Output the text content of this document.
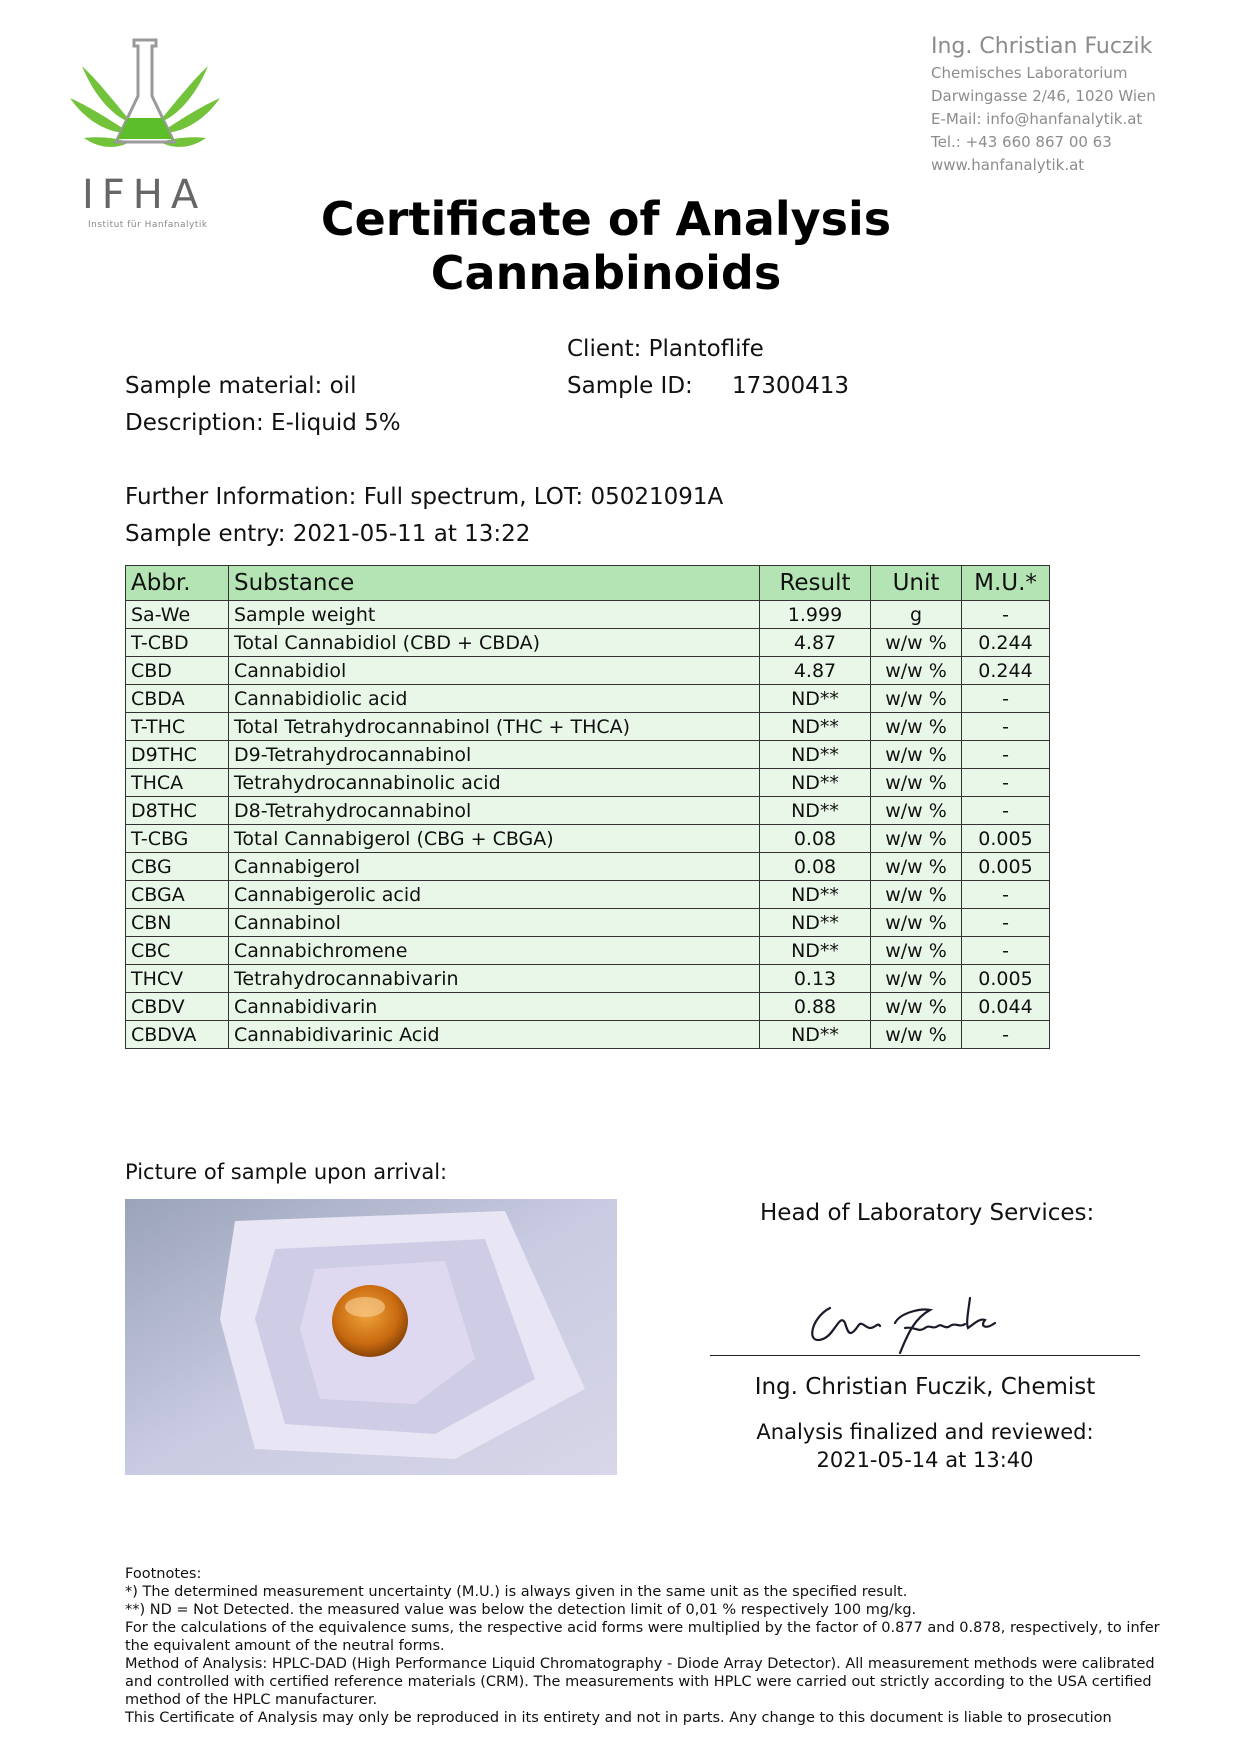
IFHA
Institut für Hanfanalytik
Ing. Christian Fuczik
Chemisches Laboratorium
Darwingasse 2/46, 1020 Wien
E-Mail: info@hanfanalytik.at
Tel.: +43 660 867 00 63
www.hanfanalytik.at
Certificate of Analysis
Cannabinoids
Client: Plantoflife
Sample material: oil	Sample ID: 17300413
Description: E-liquid 5%
Further Information: Full spectrum, LOT: 05021091A
Sample entry: 2021-05-11 at 13:22
Abbr.	Substance	Result	Unit	M.U.*
Sa-We	Sample weight	1.999	g	-
T-CBD	Total Cannabidiol (CBD + CBDA)	4.87	w/w %	0.244
CBD	Cannabidiol	4.87	w/w %	0.244
CBDA	Cannabidiolic acid	ND**	w/w %	-
T-THC	Total Tetrahydrocannabinol (THC + THCA)	ND**	w/w %	-
D9THC	D9-Tetrahydrocannabinol	ND**	w/w %	-
THCA	Tetrahydrocannabinolic acid	ND**	w/w %	-
D8THC	D8-Tetrahydrocannabinol	ND**	w/w %	-
T-CBG	Total Cannabigerol (CBG + CBGA)	0.08	w/w %	0.005
CBG	Cannabigerol	0.08	w/w %	0.005
CBGA	Cannabigerolic acid	ND**	w/w %	-
CBN	Cannabinol	ND**	w/w %	-
CBC	Cannabichromene	ND**	w/w %	-
THCV	Tetrahydrocannabivarin	0.13	w/w %	0.005
CBDV	Cannabidivarin	0.88	w/w %	0.044
CBDVA	Cannabidivarinic Acid	ND**	w/w %	-
Picture of sample upon arrival:
Head of Laboratory Services:
Ing. Christian Fuczik, Chemist
Analysis finalized and reviewed:
2021-05-14 at 13:40

Footnotes:

*) The determined measurement uncertainty (M.U.) is always given in the same unit as the specified result.

**) ND = Not Detected. the measured value was below the detection limit of 0,01 % respectively 100 mg/kg.

For the calculations of the equivalence sums, the respective acid forms were multiplied by the factor of 0.877 and 0.878, respectively, to infer the equivalent amount of the neutral forms.

Method of Analysis: HPLC-DAD (High Performance Liquid Chromatography - Diode Array Detector). All measurement methods were calibrated and controlled with certified reference materials (CRM). The measurements with HPLC were carried out strictly according to the USA certified method of the HPLC manufacturer.

This Certificate of Analysis may only be reproduced in its entirety and not in parts. Any change to this document is liable to prosecution
